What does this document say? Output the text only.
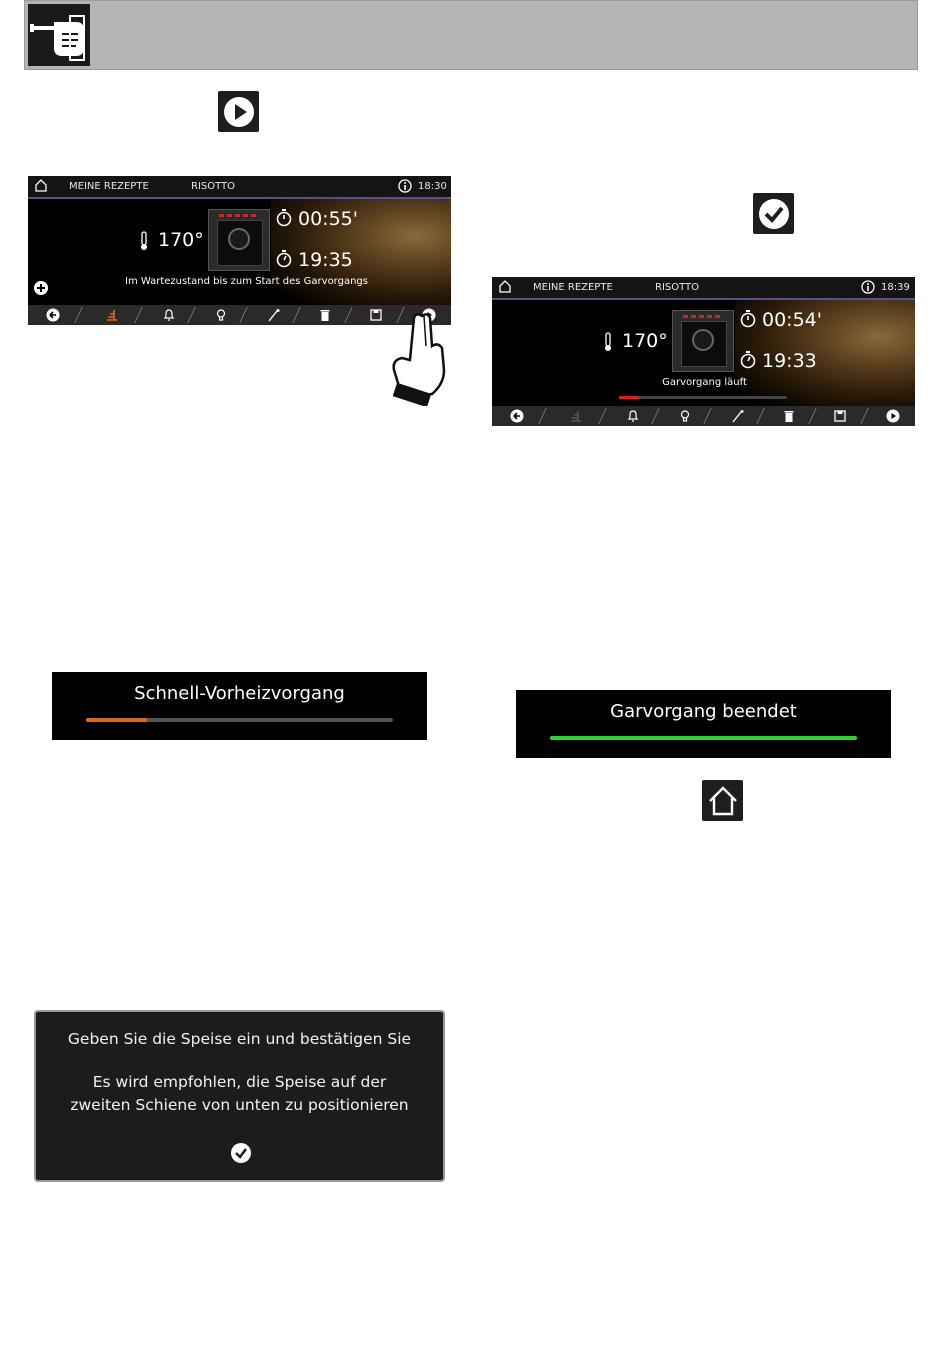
MEINE REZEPTE	RISOTTO	18:30
170°
00:55'
19:35
Im Wartezustand bis zum Start des Garvorgangs
MEINE REZEPTE	RISOTTO	18:39
170°
00:54'
19:33
Garvorgang läuft
Schnell-Vorheizvorgang
Garvorgang beendet

Geben Sie die Speise ein und bestätigen Sie

Es wird empfohlen, die Speise auf der

zweiten Schiene von unten zu positionieren
